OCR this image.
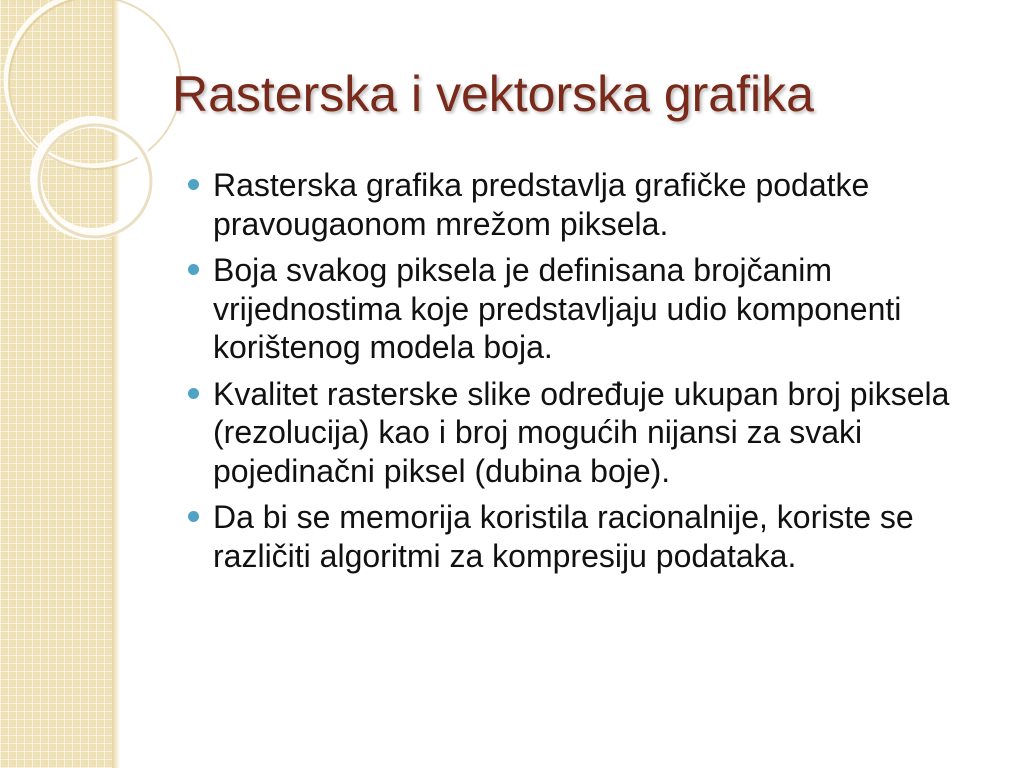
Rasterska i vektorska grafika
Rasterska grafika predstavlja grafičke podatke pravougaonom mrežom piksela.
Boja svakog piksela je definisana brojčanim vrijednostima koje predstavljaju udio komponenti korištenog modela boja.
Kvalitet rasterske slike određuje ukupan broj piksela (rezolucija) kao i broj mogućih nijansi za svaki pojedinačni piksel (dubina boje).
Da bi se memorija koristila racionalnije, koriste se različiti algoritmi za kompresiju podataka.
